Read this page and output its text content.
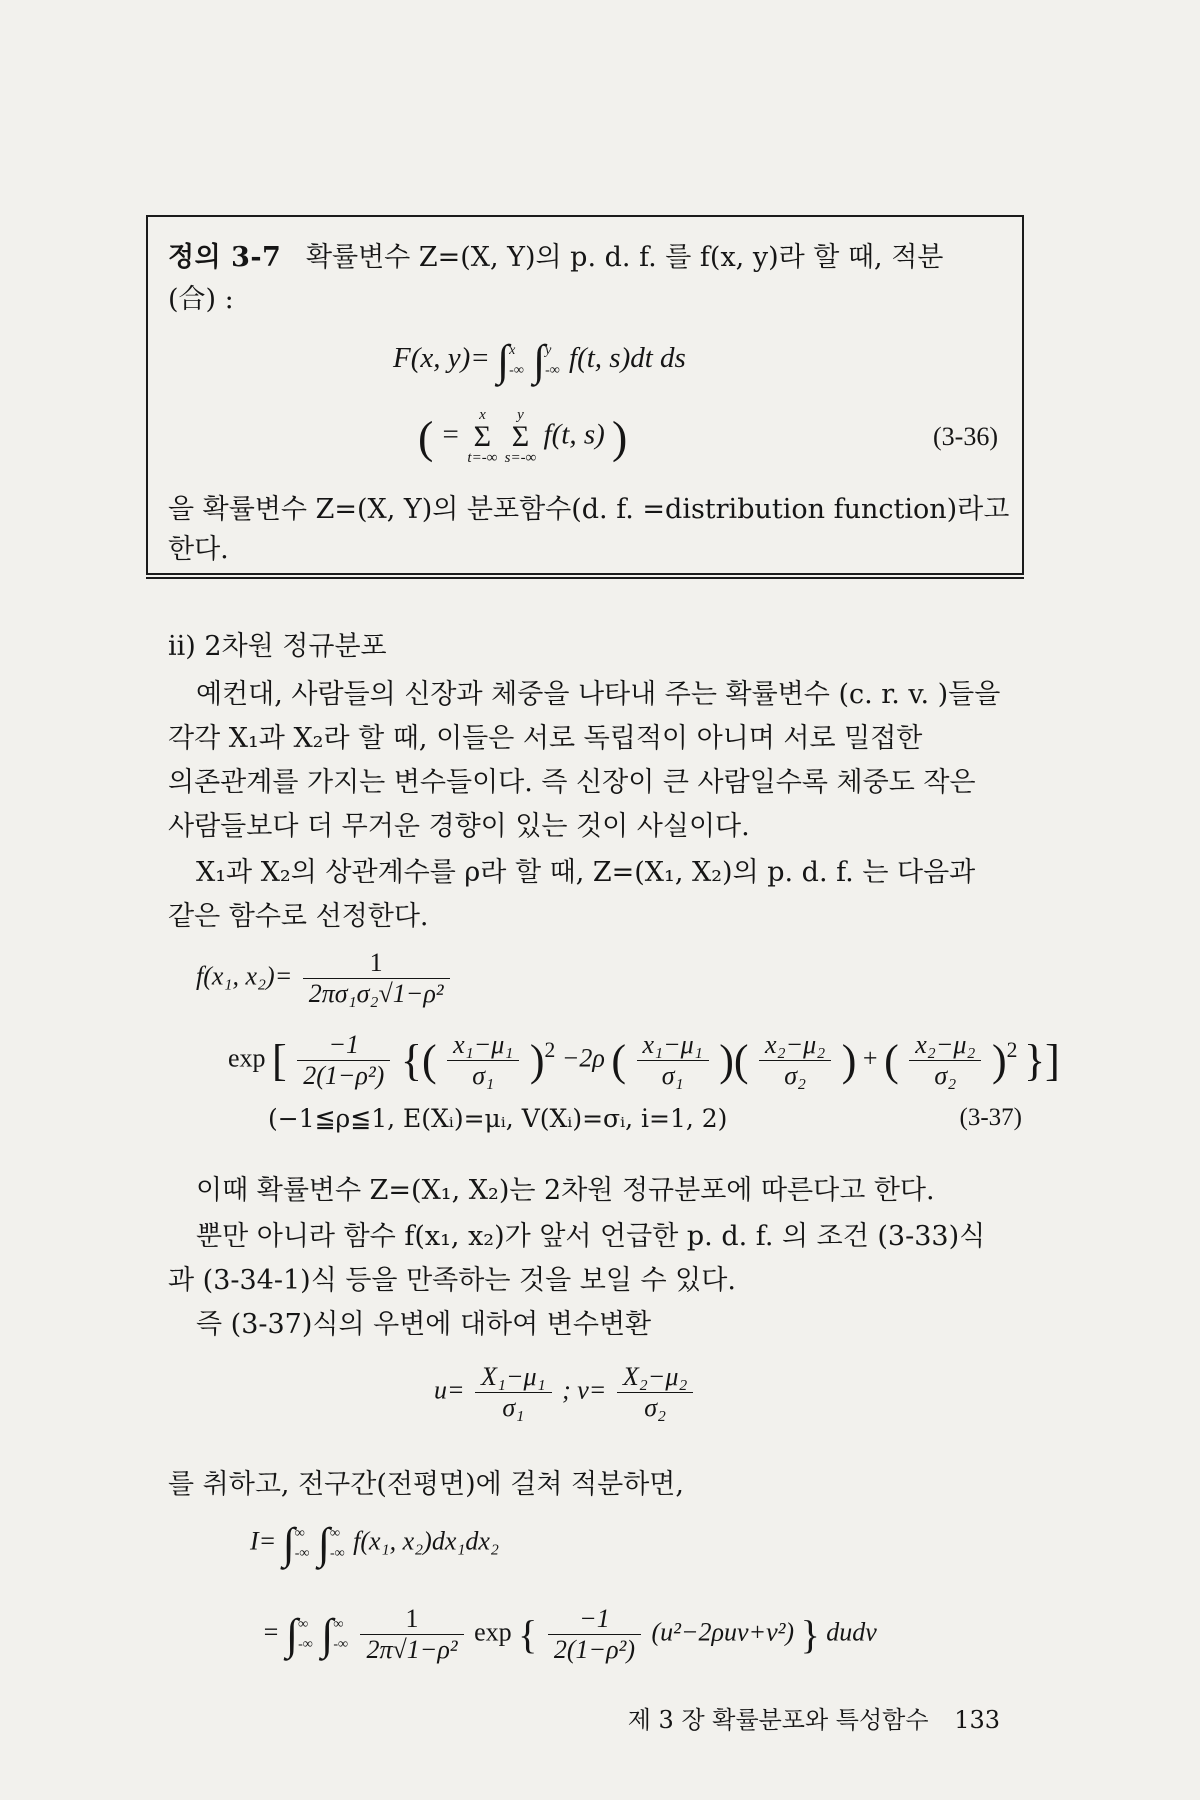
정의 3-7 확률변수 Z=(X, Y)의 p. d. f. 를 f(x, y)라 할 때, 적분
(合) :
F(x, y)= ∫x
-∞ ∫y
-∞ f(t, s)dt ds
( =
x
Σ
t=-∞

y
Σ
s=-∞
f(t, s) )	(3-36)
을 확률변수 Z=(X, Y)의 분포함수(d. f. =distribution function)라고
한다.
ii) 2차원 정규분포
예컨대, 사람들의 신장과 체중을 나타내 주는 확률변수 (c. r. v. )들을
각각 X₁과 X₂라 할 때, 이들은 서로 독립적이 아니며 서로 밀접한
의존관계를 가지는 변수들이다. 즉 신장이 큰 사람일수록 체중도 작은
사람들보다 더 무거운 경향이 있는 것이 사실이다.
X₁과 X₂의 상관계수를 ρ라 할 때, Z=(X₁, X₂)의 p. d. f. 는 다음과
같은 함수로 선정한다.
f(x₁, $x_2)= \frac{1}{\text{2πσ₁σ₂√1−ρ²}}$
exp [ $\frac{-1}{\text{2(1−ρ²)}}$ {( $\frac{\text{x₁−μ₁}}{\text{σ₁}} )^2 -2\rho$ ( $\frac{\text{x₁−μ₁}}{\text{σ₁}}$ )( $\frac{\text{x₂−μ₂}}{\text{σ₂}}$ ) + ( $\frac{\text{x₂−μ₂}}{\text{σ₂}} )^2$ }]
(−1≦ρ≦1, E(Xᵢ)=μᵢ, V(Xᵢ)=σᵢ, i=1, 2)	(3-37)
이때 확률변수 Z=(X₁, X₂)는 2차원 정규분포에 따른다고 한다.
뿐만 아니라 함수 f(x₁, x₂)가 앞서 언급한 p. d. f. 의 조건 (3-33)식
과 (3-34-1)식 등을 만족하는 것을 보일 수 있다.
즉 (3-37)식의 우변에 대하여 변수변환
$u= \frac{\text{X₁−μ₁}}{\text{σ₁}}$ ; $v= \frac{\text{X₂−μ₂}}{\text{σ₂}}$
를 취하고, 전구간(전평면)에 걸쳐 적분하면,
I= ∫∞
-∞ ∫∞
-∞ f(x₁, x₂)dx₁dx₂
= ∫∞
-∞ ∫∞
-∞ $\frac{1}{\text{2π√1−ρ²}}$ exp { $\frac{-1}{\text{2(1−ρ²)}} (u^2-2\rho uv+v^2)$ } dudv
제 3 장 확률분포와 특성함수 133
